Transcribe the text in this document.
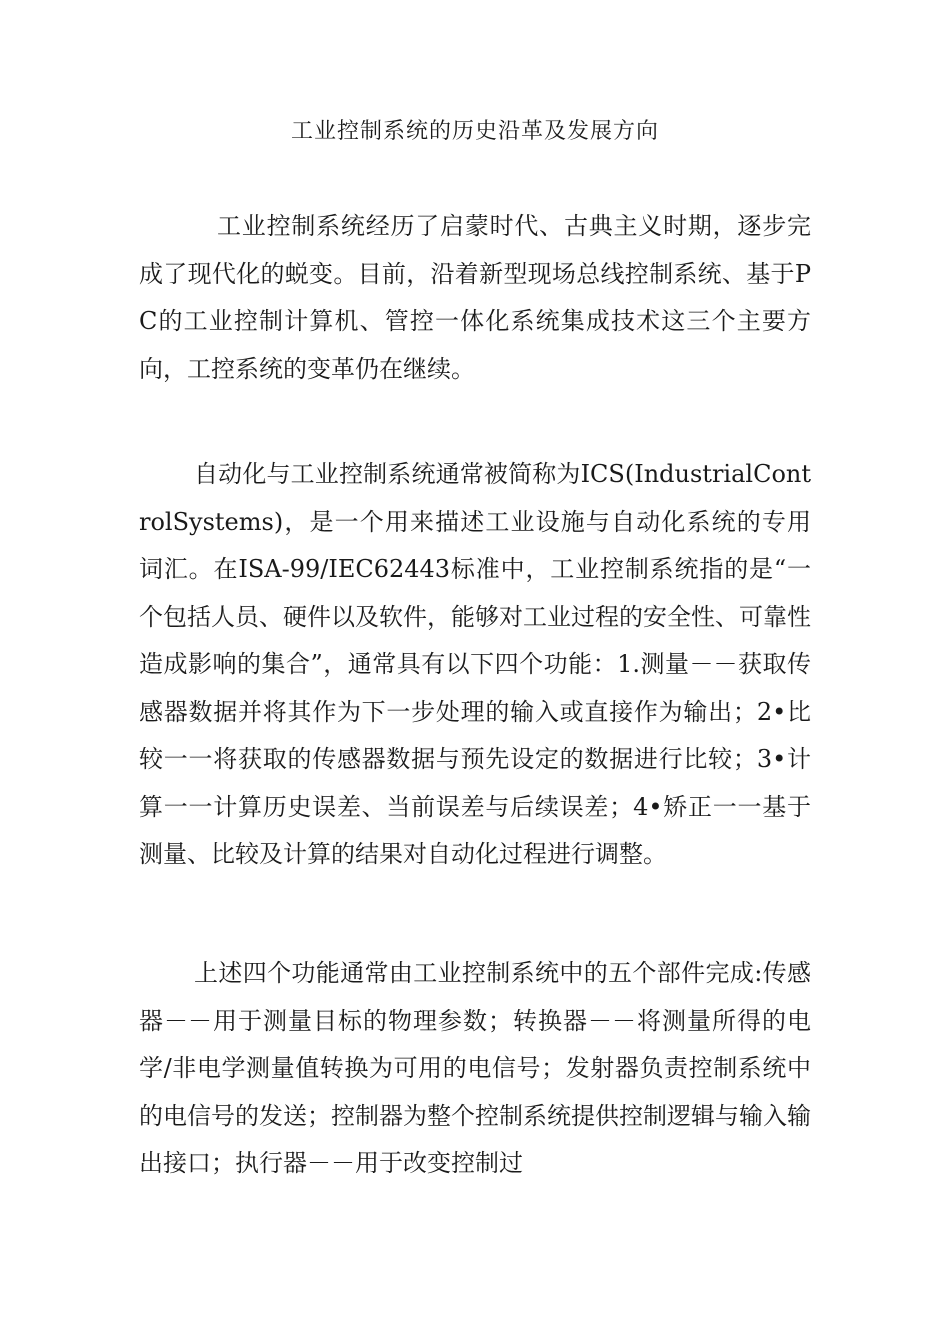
工业控制系统的历史沿革及发展方向

工业控制系统经历了启蒙时代、古典主义时期，逐步完成了现代化的蜕变。目前，沿着新型现场总线控制系统、基于PC的工业控制计算机、管控一体化系统集成技术这三个主要方向，工控系统的变革仍在继续。

自动化与工业控制系统通常被简称为ICS(IndustrialControlSystems)，是一个用来描述工业设施与自动化系统的专用词汇。在ISA-99/IEC62443标准中，工业控制系统指的是“一个包括人员、硬件以及软件，能够对工业过程的安全性、可靠性造成影响的集合”，通常具有以下四个功能：1.测量－－获取传感器数据并将其作为下一步处理的输入或直接作为输出；2•比较一一将获取的传感器数据与预先设定的数据进行比较；3•计算一一计算历史误差、当前误差与后续误差；4•矫正一一基于测量、比较及计算的结果对自动化过程进行调整。

上述四个功能通常由工业控制系统中的五个部件完成:传感器－－用于测量目标的物理参数；转换器－－将测量所得的电学/非电学测量值转换为可用的电信号；发射器负责控制系统中的电信号的发送；控制器为整个控制系统提供控制逻辑与输入输出接口；执行器－－用于改变控制过
